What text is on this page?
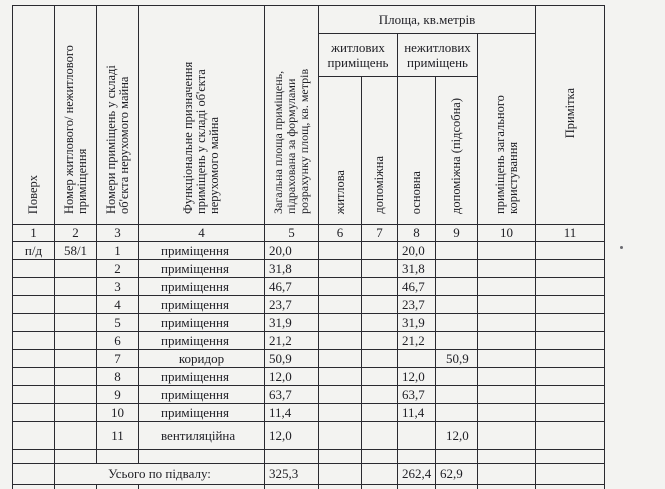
Поверх	Номер житлового/ нежитлового приміщення	Номери приміщень у складі об'єкта нерухомого майна	Функціональне призначення приміщень у складі об'єкта нерухомого майна	Загальна площа приміщень, підрахована за формулами розрахунку площ, кв. метрів	Площа, кв.метрів					Примітка
					житлових приміщень		нежитлових приміщень		приміщень загального користування	
					житлова	допоміжна	основна	допоміжна (підсобна)		
1	2	3	4	5	6	7	8	9	10	11
п/д	58/1	1	приміщення	20,0			20,0			
		2	приміщення	31,8			31,8			
		3	приміщення	46,7			46,7			
		4	приміщення	23,7			23,7			
		5	приміщення	31,9			31,9			
		6	приміщення	21,2			21,2			
		7	коридор	50,9				50,9		
		8	приміщення	12,0			12,0			
		9	приміщення	63,7			63,7			
		10	приміщення	11,4			11,4			
		11	вентиляційна	12,0				12,0		

	Усього по підвалу:			325,3			262,4	62,9		
